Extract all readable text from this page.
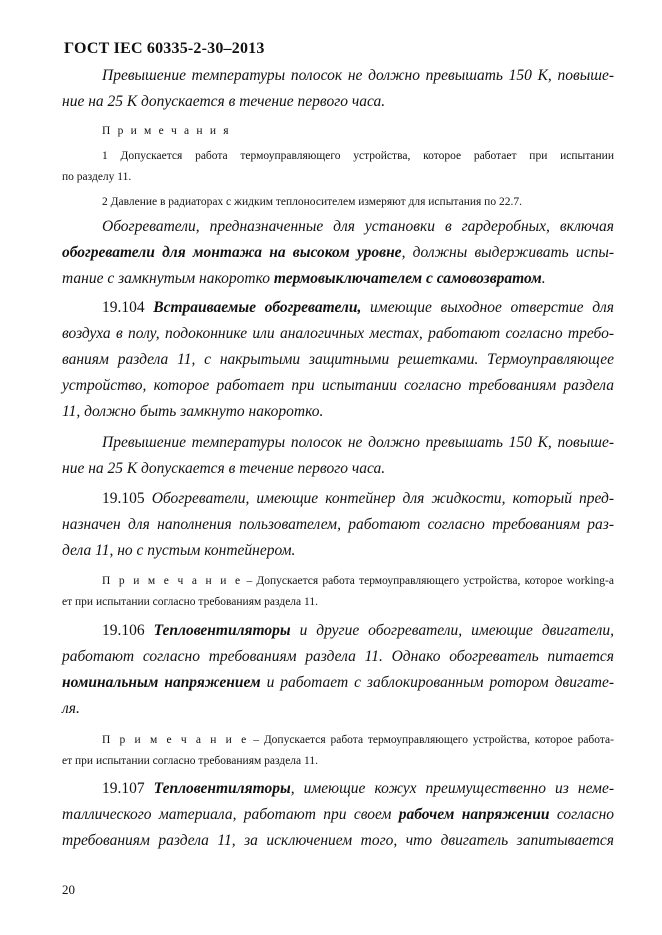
ГОСТ IEC 60335-2-30–2013
Превышение температуры полосок не должно превышать 150 К, повыше-
ние на 25 К допускается в течение первого часа.
П р и м е ч а н и я
1 Допускается работа термоуправляющего устройства, которое работает при испытании
по разделу 11.
2 Давление в радиаторах с жидким теплоносителем измеряют для испытания по 22.7.
Обогреватели, предназначенные для установки в гардеробных, включая
обогреватели для монтажа на высоком уровне, должны выдерживать испы-
тание с замкнутым накоротко термовыключателем с самовозвратом.
19.104 Встраиваемые обогреватели, имеющие выходное отверстие для
воздуха в полу, подоконнике или аналогичных местах, работают согласно требо-
ваниям раздела 11, с накрытыми защитными решетками. Термоуправляющее
устройство, которое работает при испытании согласно требованиям раздела
11, должно быть замкнуто накоротко.
Превышение температуры полосок не должно превышать 150 К, повыше-
ние на 25 К допускается в течение первого часа.
19.105 Обогреватели, имеющие контейнер для жидкости, который пред-
назначен для наполнения пользователем, работают согласно требованиям раз-
дела 11, но с пустым контейнером.
П р и м е ч а н и е – Допускается работа термоуправляющего устройства, которое working-a
ет при испытании согласно требованиям раздела 11.
19.106 Тепловентиляторы и другие обогреватели, имеющие двигатели,
работают согласно требованиям раздела 11. Однако обогреватель питается
номинальным напряжением и работает с заблокированным ротором двигате-
ля.
П р и м е ч а н и е – Допускается работа термоуправляющего устройства, которое работа-
ет при испытании согласно требованиям раздела 11.
19.107 Тепловентиляторы, имеющие кожух преимущественно из неме-
таллического материала, работают при своем рабочем напряжении согласно
требованиям раздела 11, за исключением того, что двигатель запитывается
20
